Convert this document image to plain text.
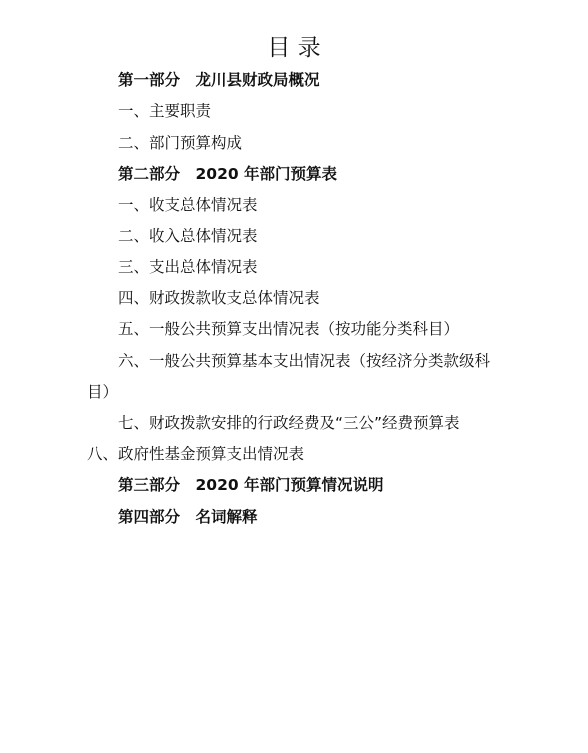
目 录
第一部分　龙川县财政局概况
一、主要职责
二、部门预算构成
第二部分　2020 年部门预算表
一、收支总体情况表
二、收入总体情况表
三、支出总体情况表
四、财政拨款收支总体情况表
五、一般公共预算支出情况表（按功能分类科目）
六、一般公共预算基本支出情况表（按经济分类款级科
目）
七、财政拨款安排的行政经费及“三公”经费预算表
八、政府性基金预算支出情况表
第三部分　2020 年部门预算情况说明
第四部分　名词解释
